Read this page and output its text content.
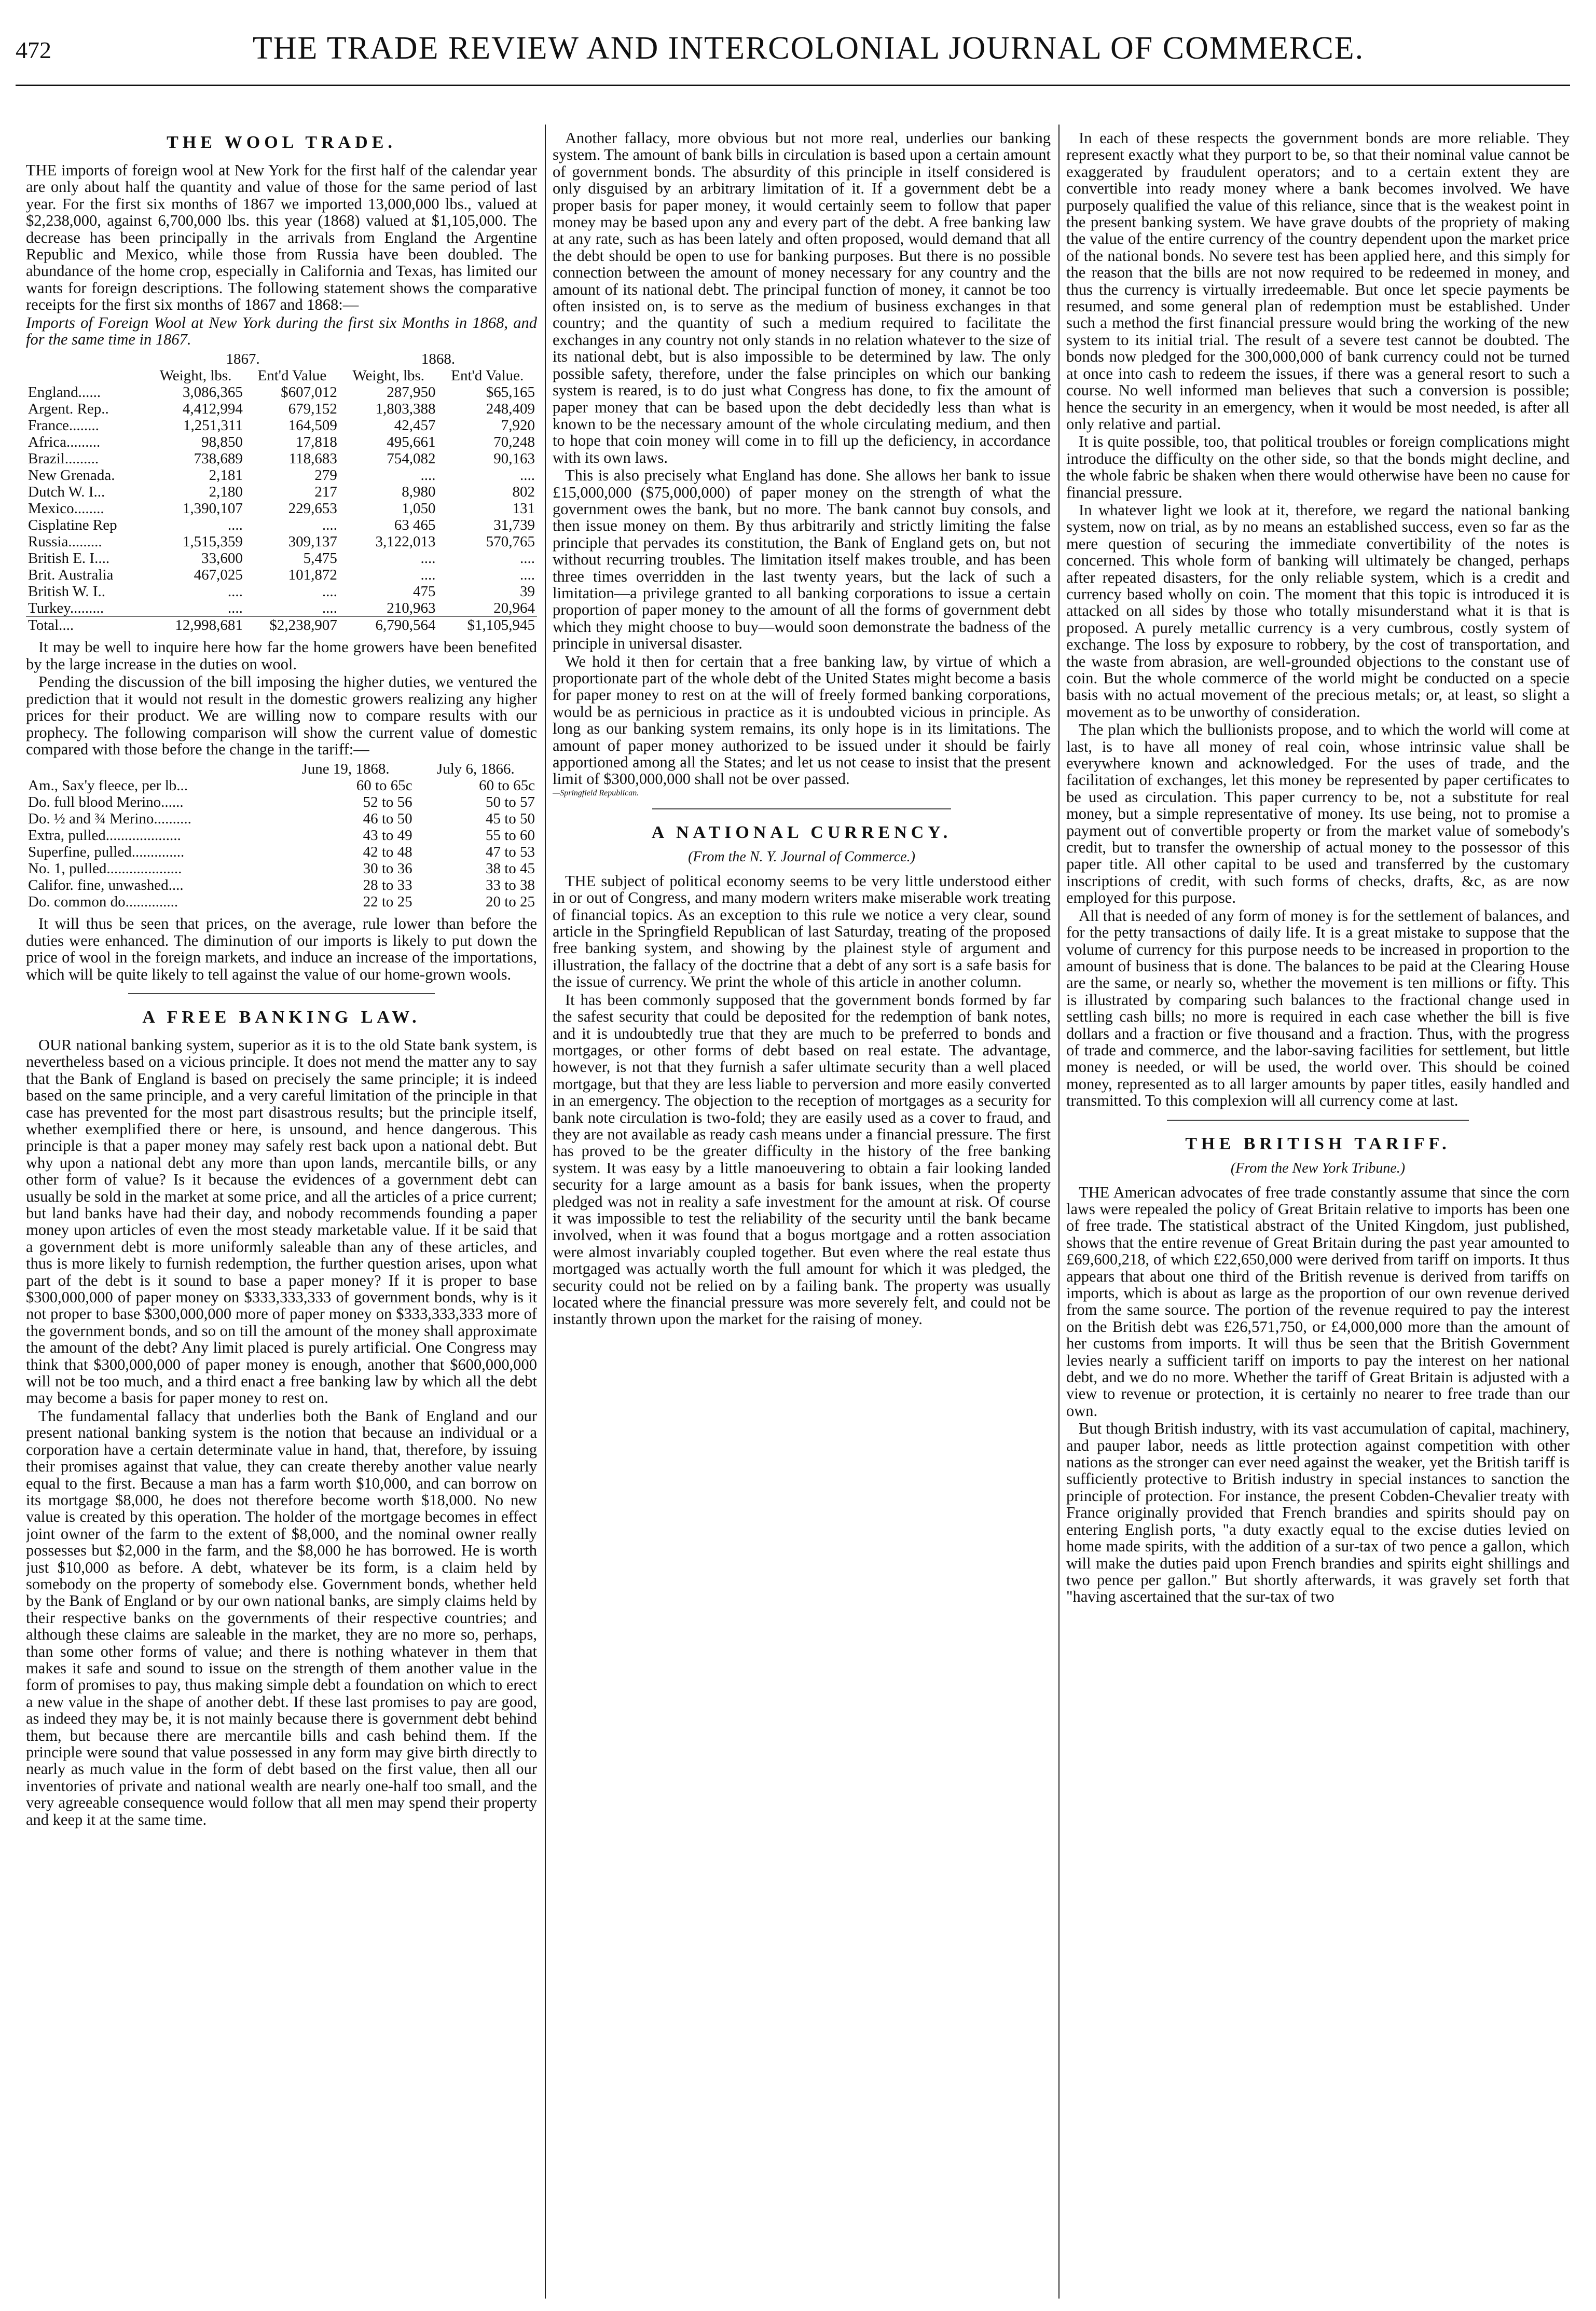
472	THE TRADE REVIEW AND INTERCOLONIAL JOURNAL OF COMMERCE.
THE WOOL TRADE.

THE imports of foreign wool at New York for the first half of the calendar year are only about half the quantity and value of those for the same period of last year. For the first six months of 1867 we imported 13,000,000 lbs., valued at $2,238,000, against 6,700,000 lbs. this year (1868) valued at $1,105,000. The decrease has been principally in the arrivals from England the Argentine Republic and Mexico, while those from Russia have been doubled. The abundance of the home crop, especially in California and Texas, has limited our wants for foreign descriptions. The following statement shows the comparative receipts for the first six months of 1867 and 1868:—

Imports of Foreign Wool at New York during the first six Months in 1868, and for the same time in 1867.

	1867.		1868.	
	Weight, lbs.	Ent'd Value	Weight, lbs.	Ent'd Value.
England......	3,086,365	$607,012	287,950	$65,165
Argent. Rep..	4,412,994	679,152	1,803,388	248,409
France........	1,251,311	164,509	42,457	7,920
Africa.........	98,850	17,818	495,661	70,248
Brazil.........	738,689	118,683	754,082	90,163
New Grenada.	2,181	279	....	....
Dutch W. I...	2,180	217	8,980	802
Mexico........	1,390,107	229,653	1,050	131
Cisplatine Rep	....	....	63 465	31,739
Russia.........	1,515,359	309,137	3,122,013	570,765
British E. I....	33,600	5,475	....	....
Brit. Australia	467,025	101,872	....	....
British W. I..	....	....	475	39
Turkey.........	....	....	210,963	20,964
Total....	12,998,681	$2,238,907	6,790,564	$1,105,945

It may be well to inquire here how far the home growers have been benefited by the large increase in the duties on wool.

Pending the discussion of the bill imposing the higher duties, we ventured the prediction that it would not result in the domestic growers realizing any higher prices for their product. We are willing now to compare results with our prophecy. The following comparison will show the current value of domestic compared with those before the change in the tariff:—

	June 19, 1868.	July 6, 1866.
Am., Sax'y fleece, per lb...	60 to 65c	60 to 65c
Do. full blood Merino......	52 to 56	50 to 57
Do. ½ and ¾ Merino..........	46 to 50	45 to 50
Extra, pulled....................	43 to 49	55 to 60
Superfine, pulled..............	42 to 48	47 to 53
No. 1, pulled....................	30 to 36	38 to 45
Califor. fine, unwashed....	28 to 33	33 to 38
Do. common do..............	22 to 25	20 to 25

It will thus be seen that prices, on the average, rule lower than before the duties were enhanced. The diminution of our imports is likely to put down the price of wool in the foreign markets, and induce an increase of the importations, which will be quite likely to tell against the value of our home-grown wools.

A FREE BANKING LAW.

OUR national banking system, superior as it is to the old State bank system, is nevertheless based on a vicious principle. It does not mend the matter any to say that the Bank of England is based on precisely the same principle; it is indeed based on the same principle, and a very careful limitation of the principle in that case has prevented for the most part disastrous results; but the principle itself, whether exemplified there or here, is unsound, and hence dangerous. This principle is that a paper money may safely rest back upon a national debt. But why upon a national debt any more than upon lands, mercantile bills, or any other form of value? Is it because the evidences of a government debt can usually be sold in the market at some price, and all the articles of a price current; but land banks have had their day, and nobody recommends founding a paper money upon articles of even the most steady marketable value. If it be said that a government debt is more uniformly saleable than any of these articles, and thus is more likely to furnish redemption, the further question arises, upon what part of the debt is it sound to base a paper money? If it is proper to base $300,000,000 of paper money on $333,333,333 of government bonds, why is it not proper to base $300,000,000 more of paper money on $333,333,333 more of the government bonds, and so on till the amount of the money shall approximate the amount of the debt? Any limit placed is purely artificial. One Congress may think that $300,000,000 of paper money is enough, another that $600,000,000 will not be too much, and a third enact a free banking law by which all the debt may become a basis for paper money to rest on.

The fundamental fallacy that underlies both the Bank of England and our present national banking system is the notion that because an individual or a corporation have a certain determinate value in hand, that, therefore, by issuing their promises against that value, they can create thereby another value nearly equal to the first. Because a man has a farm worth $10,000, and can borrow on its mortgage $8,000, he does not therefore become worth $18,000. No new value is created by this operation. The holder of the mortgage becomes in effect joint owner of the farm to the extent of $8,000, and the nominal owner really possesses but $2,000 in the farm, and the $8,000 he has borrowed. He is worth just $10,000 as before. A debt, whatever be its form, is a claim held by somebody on the property of somebody else. Government bonds, whether held by the Bank of England or by our own national banks, are simply claims held by their respective banks on the governments of their respective countries; and although these claims are saleable in the market, they are no more so, perhaps, than some other forms of value; and there is nothing whatever in them that makes it safe and sound to issue on the strength of them another value in the form of promises to pay, thus making simple debt a foundation on which to erect a new value in the shape of another debt. If these last promises to pay are good, as indeed they may be, it is not mainly because there is government debt behind them, but because there are mercantile bills and cash behind them. If the principle were sound that value possessed in any form may give birth directly to nearly as much value in the form of debt based on the first value, then all our inventories of private and national wealth are nearly one-half too small, and the very agreeable consequence would follow that all men may spend their property and keep it at the same time.

Another fallacy, more obvious but not more real, underlies our banking system. The amount of bank bills in circulation is based upon a certain amount of government bonds. The absurdity of this principle in itself considered is only disguised by an arbitrary limitation of it. If a government debt be a proper basis for paper money, it would certainly seem to follow that paper money may be based upon any and every part of the debt. A free banking law at any rate, such as has been lately and often proposed, would demand that all the debt should be open to use for banking purposes. But there is no possible connection between the amount of money necessary for any country and the amount of its national debt. The principal function of money, it cannot be too often insisted on, is to serve as the medium of business exchanges in that country; and the quantity of such a medium required to facilitate the exchanges in any country not only stands in no relation whatever to the size of its national debt, but is also impossible to be determined by law. The only possible safety, therefore, under the false principles on which our banking system is reared, is to do just what Congress has done, to fix the amount of paper money that can be based upon the debt decidedly less than what is known to be the necessary amount of the whole circulating medium, and then to hope that coin money will come in to fill up the deficiency, in accordance with its own laws.

This is also precisely what England has done. She allows her bank to issue £15,000,000 ($75,000,000) of paper money on the strength of what the government owes the bank, but no more. The bank cannot buy consols, and then issue money on them. By thus arbitrarily and strictly limiting the false principle that pervades its constitution, the Bank of England gets on, but not without recurring troubles. The limitation itself makes trouble, and has been three times overridden in the last twenty years, but the lack of such a limitation—a privilege granted to all banking corporations to issue a certain proportion of paper money to the amount of all the forms of government debt which they might choose to buy—would soon demonstrate the badness of the principle in universal disaster.

We hold it then for certain that a free banking law, by virtue of which a proportionate part of the whole debt of the United States might become a basis for paper money to rest on at the will of freely formed banking corporations, would be as pernicious in practice as it is undoubted vicious in principle. As long as our banking system remains, its only hope is in its limitations. The amount of paper money authorized to be issued under it should be fairly apportioned among all the States; and let us not cease to insist that the present limit of $300,000,000 shall not be over passed.

—Springfield Republican.
A NATIONAL CURRENCY.
(From the N. Y. Journal of Commerce.)

THE subject of political economy seems to be very little understood either in or out of Congress, and many modern writers make miserable work treating of financial topics. As an exception to this rule we notice a very clear, sound article in the Springfield Republican of last Saturday, treating of the proposed free banking system, and showing by the plainest style of argument and illustration, the fallacy of the doctrine that a debt of any sort is a safe basis for the issue of currency. We print the whole of this article in another column.

It has been commonly supposed that the government bonds formed by far the safest security that could be deposited for the redemption of bank notes, and it is undoubtedly true that they are much to be preferred to bonds and mortgages, or other forms of debt based on real estate. The advantage, however, is not that they furnish a safer ultimate security than a well placed mortgage, but that they are less liable to perversion and more easily converted in an emergency. The objection to the reception of mortgages as a security for bank note circulation is two-fold; they are easily used as a cover to fraud, and they are not available as ready cash means under a financial pressure. The first has proved to be the greater difficulty in the history of the free banking system. It was easy by a little manoeuvering to obtain a fair looking landed security for a large amount as a basis for bank issues, when the property pledged was not in reality a safe investment for the amount at risk. Of course it was impossible to test the reliability of the security until the bank became involved, when it was found that a bogus mortgage and a rotten association were almost invariably coupled together. But even where the real estate thus mortgaged was actually worth the full amount for which it was pledged, the security could not be relied on by a failing bank. The property was usually located where the financial pressure was more severely felt, and could not be instantly thrown upon the market for the raising of money.

In each of these respects the government bonds are more reliable. They represent exactly what they purport to be, so that their nominal value cannot be exaggerated by fraudulent operators; and to a certain extent they are convertible into ready money where a bank becomes involved. We have purposely qualified the value of this reliance, since that is the weakest point in the present banking system. We have grave doubts of the propriety of making the value of the entire currency of the country dependent upon the market price of the national bonds. No severe test has been applied here, and this simply for the reason that the bills are not now required to be redeemed in money, and thus the currency is virtually irredeemable. But once let specie payments be resumed, and some general plan of redemption must be established. Under such a method the first financial pressure would bring the working of the new system to its initial trial. The result of a severe test cannot be doubted. The bonds now pledged for the 300,000,000 of bank currency could not be turned at once into cash to redeem the issues, if there was a general resort to such a course. No well informed man believes that such a conversion is possible; hence the security in an emergency, when it would be most needed, is after all only relative and partial.

It is quite possible, too, that political troubles or foreign complications might introduce the difficulty on the other side, so that the bonds might decline, and the whole fabric be shaken when there would otherwise have been no cause for financial pressure.

In whatever light we look at it, therefore, we regard the national banking system, now on trial, as by no means an established success, even so far as the mere question of securing the immediate convertibility of the notes is concerned. This whole form of banking will ultimately be changed, perhaps after repeated disasters, for the only reliable system, which is a credit and currency based wholly on coin. The moment that this topic is introduced it is attacked on all sides by those who totally misunderstand what it is that is proposed. A purely metallic currency is a very cumbrous, costly system of exchange. The loss by exposure to robbery, by the cost of transportation, and the waste from abrasion, are well-grounded objections to the constant use of coin. But the whole commerce of the world might be conducted on a specie basis with no actual movement of the precious metals; or, at least, so slight a movement as to be unworthy of consideration.

The plan which the bullionists propose, and to which the world will come at last, is to have all money of real coin, whose intrinsic value shall be everywhere known and acknowledged. For the uses of trade, and the facilitation of exchanges, let this money be represented by paper certificates to be used as circulation. This paper currency to be, not a substitute for real money, but a simple representative of money. Its use being, not to promise a payment out of convertible property or from the market value of somebody's credit, but to transfer the ownership of actual money to the possessor of this paper title. All other capital to be used and transferred by the customary inscriptions of credit, with such forms of checks, drafts, &c, as are now employed for this purpose.

All that is needed of any form of money is for the settlement of balances, and for the petty transactions of daily life. It is a great mistake to suppose that the volume of currency for this purpose needs to be increased in proportion to the amount of business that is done. The balances to be paid at the Clearing House are the same, or nearly so, whether the movement is ten millions or fifty. This is illustrated by comparing such balances to the fractional change used in settling cash bills; no more is required in each case whether the bill is five dollars and a fraction or five thousand and a fraction. Thus, with the progress of trade and commerce, and the labor-saving facilities for settlement, but little money is needed, or will be used, the world over. This should be coined money, represented as to all larger amounts by paper titles, easily handled and transmitted. To this complexion will all currency come at last.

THE BRITISH TARIFF.
(From the New York Tribune.)

THE American advocates of free trade constantly assume that since the corn laws were repealed the policy of Great Britain relative to imports has been one of free trade. The statistical abstract of the United Kingdom, just published, shows that the entire revenue of Great Britain during the past year amounted to £69,600,218, of which £22,650,000 were derived from tariff on imports. It thus appears that about one third of the British revenue is derived from tariffs on imports, which is about as large as the proportion of our own revenue derived from the same source. The portion of the revenue required to pay the interest on the British debt was £26,571,750, or £4,000,000 more than the amount of her customs from imports. It will thus be seen that the British Government levies nearly a sufficient tariff on imports to pay the interest on her national debt, and we do no more. Whether the tariff of Great Britain is adjusted with a view to revenue or protection, it is certainly no nearer to free trade than our own.

But though British industry, with its vast accumulation of capital, machinery, and pauper labor, needs as little protection against competition with other nations as the stronger can ever need against the weaker, yet the British tariff is sufficiently protective to British industry in special instances to sanction the principle of protection. For instance, the present Cobden-Chevalier treaty with France originally provided that French brandies and spirits should pay on entering English ports, "a duty exactly equal to the excise duties levied on home made spirits, with the addition of a sur-tax of two pence a gallon, which will make the duties paid upon French brandies and spirits eight shillings and two pence per gallon." But shortly afterwards, it was gravely set forth that "having ascertained that the sur-tax of two
